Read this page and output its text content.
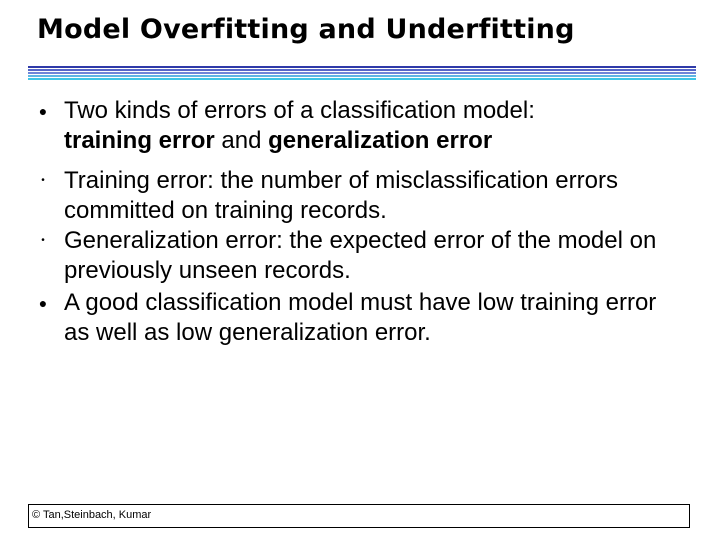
Model Overfitting and Underfitting
● Two kinds of errors of a classification model:
training error and generalization error
• Training error: the number of misclassification errors committed on training records.
• Generalization error: the expected error of the model on previously unseen records.
● A good classification model must have low training error as well as low generalization error.
© Tan,Steinbach, Kumar
